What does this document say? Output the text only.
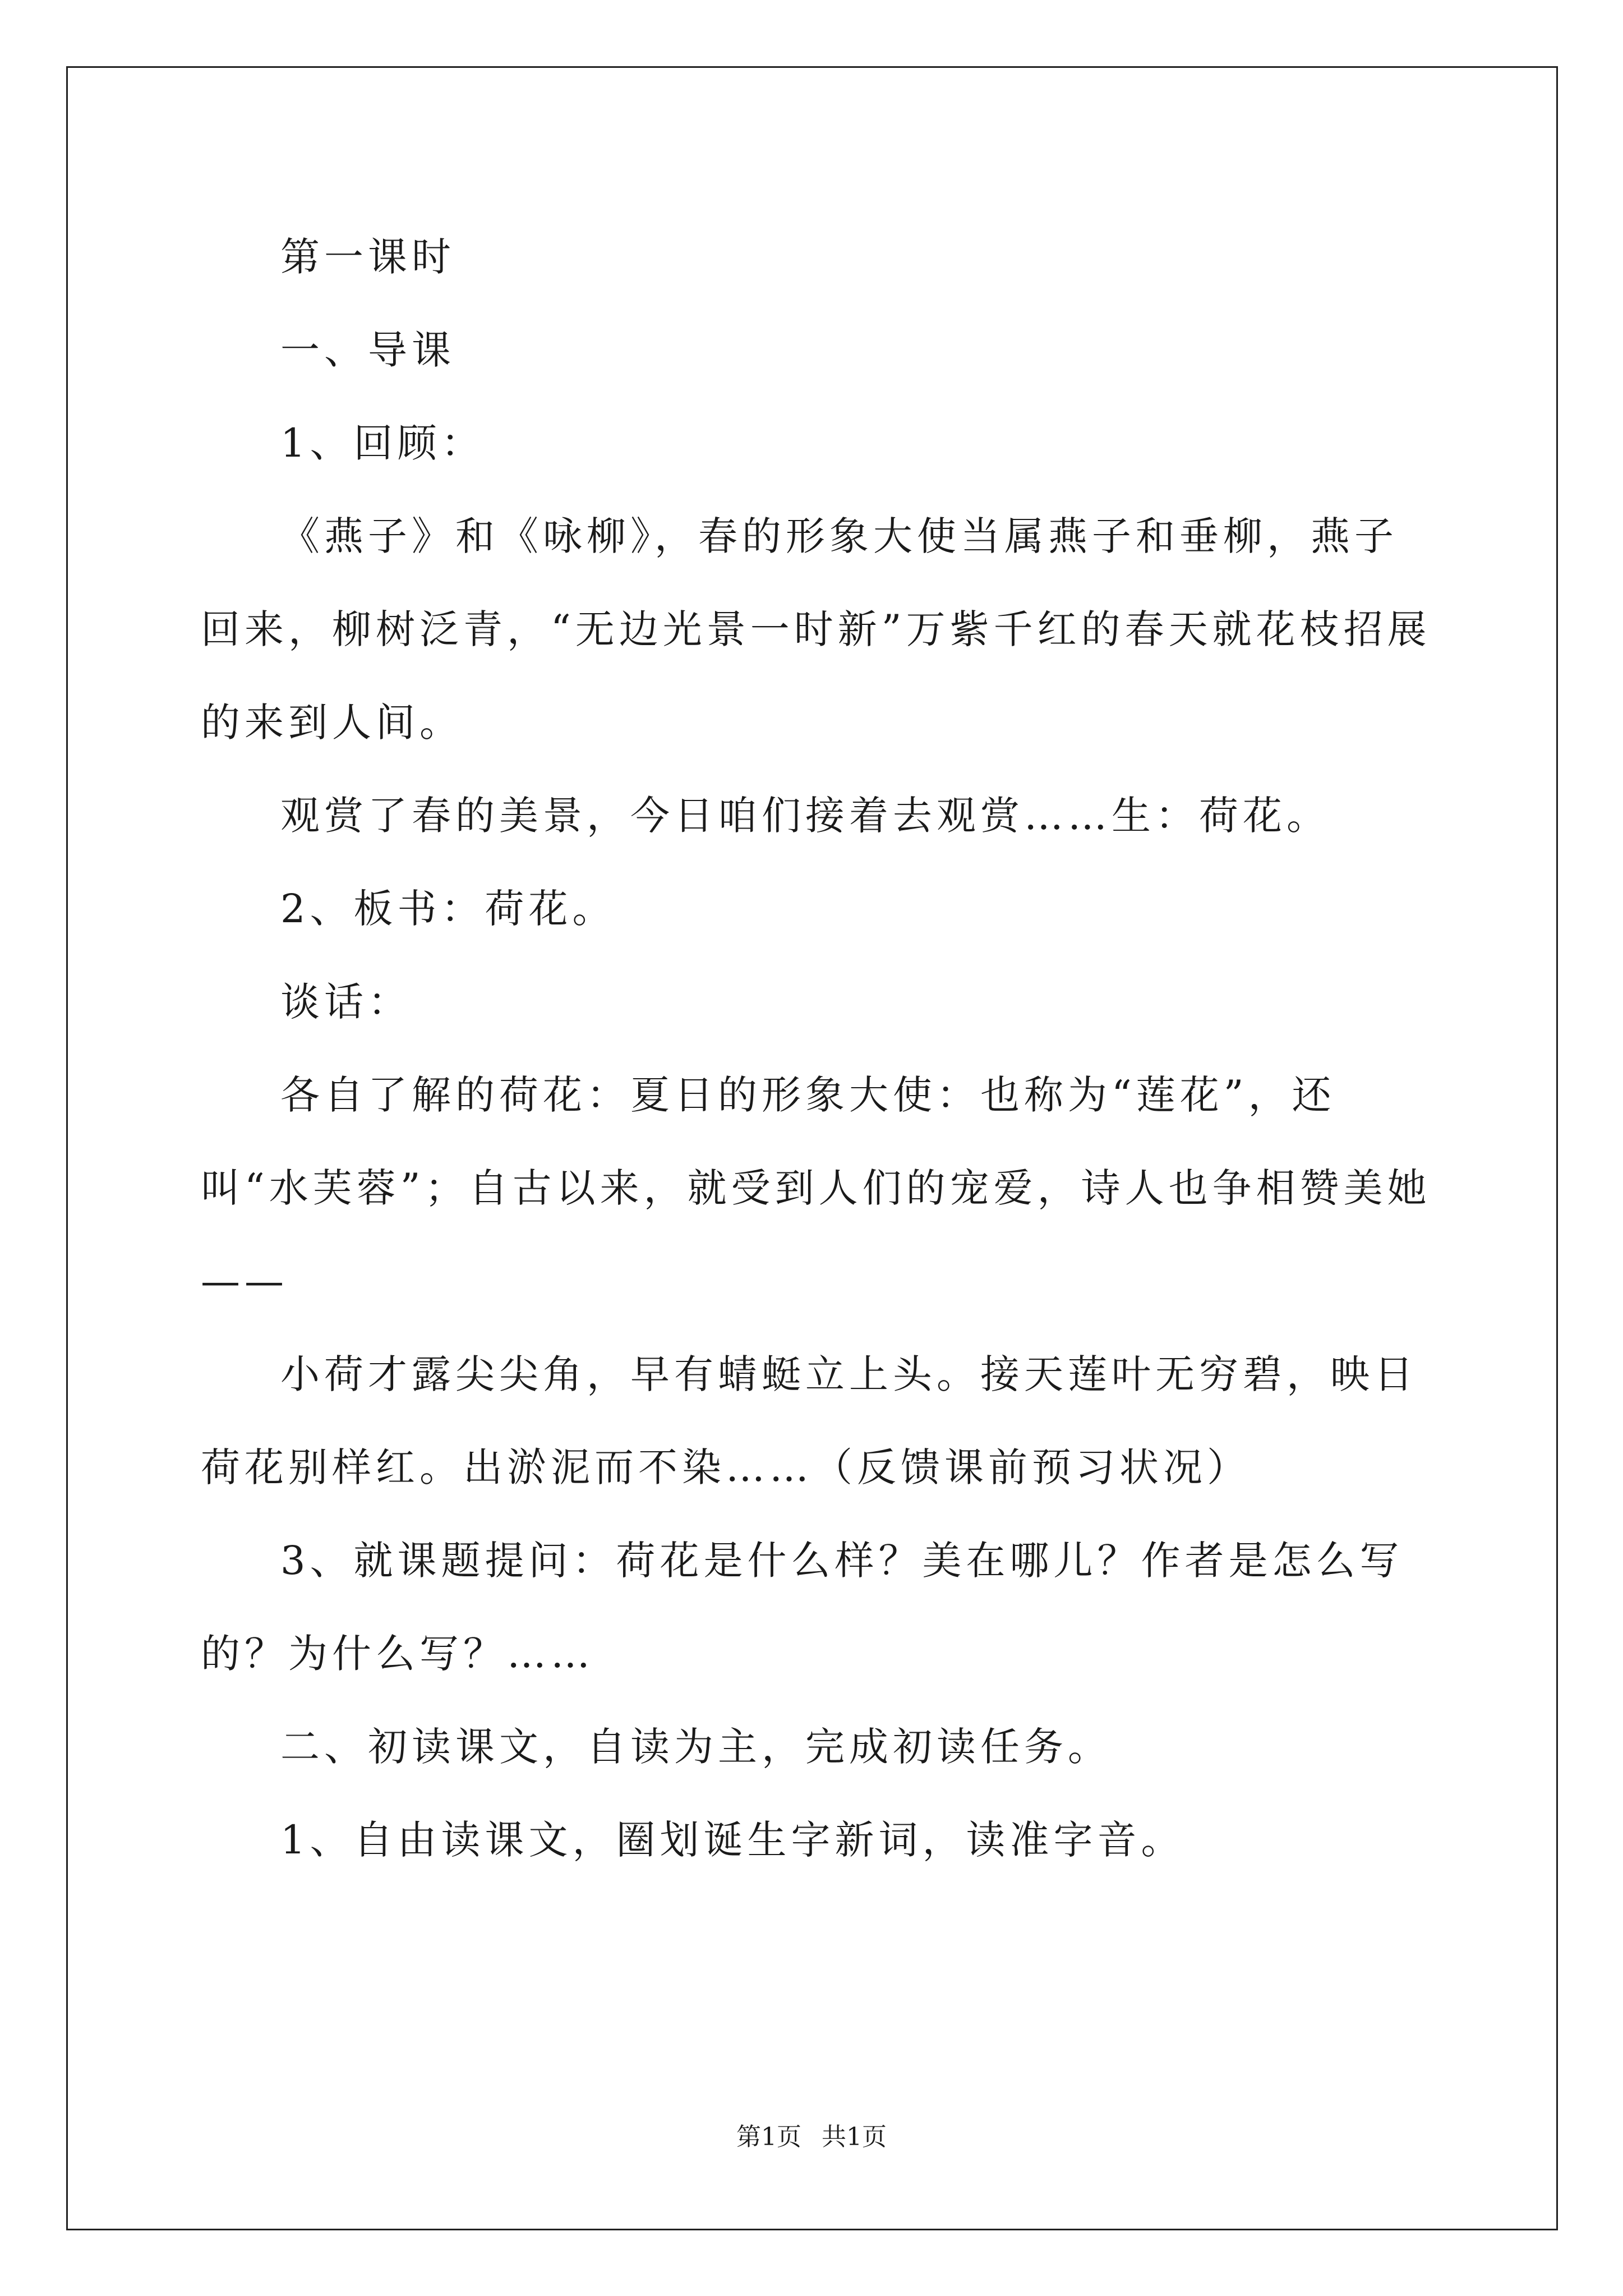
第一课时

一、导课

1、回顾：

《燕子》和《咏柳》，春的形象大使当属燕子和垂柳，燕子回来，柳树泛青，“无边光景一时新”万紫千红的春天就花枝招展的来到人间。

观赏了春的美景，今日咱们接着去观赏……生：荷花。

2、板书：荷花。

谈话：

各自了解的荷花：夏日的形象大使：也称为“莲花”，还叫“水芙蓉”；自古以来，就受到人们的宠爱，诗人也争相赞美她——

小荷才露尖尖角，早有蜻蜓立上头。接天莲叶无穷碧，映日荷花别样红。出淤泥而不染……（反馈课前预习状况）

3、就课题提问：荷花是什么样？美在哪儿？作者是怎么写的？为什么写？……

二、初读课文，自读为主，完成初读任务。

1、自由读课文，圈划诞生字新词，读准字音。

第1页 共1页
